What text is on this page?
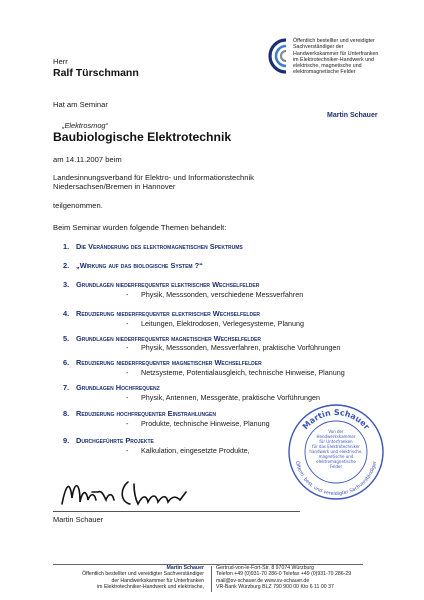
Öffentlich bestellter und vereidigter
Sachverständiger der
Handwerkskammer für Unterfranken
im Elektrotechniker-Handwerk und
elektrische, magnetische und
elektromagnetische Felder
Martin Schauer
Herr
Ralf Türschmann
Hat am Seminar
„Elektrosmog“
Baubiologische Elektrotechnik
am 14.11.2007 beim
Landesinnungsverband für Elektro- und Informationstechnik
Niedersachsen/Bremen in Hannover
teilgenommen.
Beim Seminar wurden folgende Themen behandelt:
1. Die Veränderung des elektromagnetischen Spektrums
2. „Wirkung auf das biologische System ?“
3. Grundlagen niederfrequenter elektrischer Wechselfelder
- Physik, Messsonden, verschiedene Messverfahren
4. Reduzierung niederfrequenter elektrischer Wechselfelder
- Leitungen, Elektrodosen, Verlegesysteme, Planung
5. Grundlagen niederfrequenter magnetischer Wechselfelder
- Physik, Messsonden, Messverfahren, praktische Vorführungen
6. Reduzierung niederfrequenter magnetischer Wechselfelder
- Netzsysteme, Potentialausgleich, technische Hinweise, Planung
7. Grundlagen Hochfrequenz
- Physik, Antennen, Messgeräte, praktische Vorführungen
8. Reduzierung hochfrequenter Einstrahlungen
- Produkte, technische Hinweise, Planung
9. Durchgeführte Projekte
- Kalkulation, eingesetzte Produkte,
Martin Schauer
Öffentl. best. und vereidigter Sachverständiger
Von der
Handwerkskammer
für Unterfranken
für das Elektrotechniker
handwerk und elektrische,
magnetische und
elektromagnetische
Felder
Martin Schauer
Martin Schauer
Öffentlich bestellter und vereidigter Sachverständiger
der Handwerkskammer für Unterfranken
im Elektrotechniker-Handwerk und elektrische,
Gertrud-von-le-Fort-Str. 8 97074 Würzburg
Telefon +49 (0)931-70 286-0 Telefax +49 (0)931-70 286-29
mail@sv-schauer.de www.sv-schauer.de
VR-Bank Würzburg BLZ 790 900 00 Kto 6 11 00 37
